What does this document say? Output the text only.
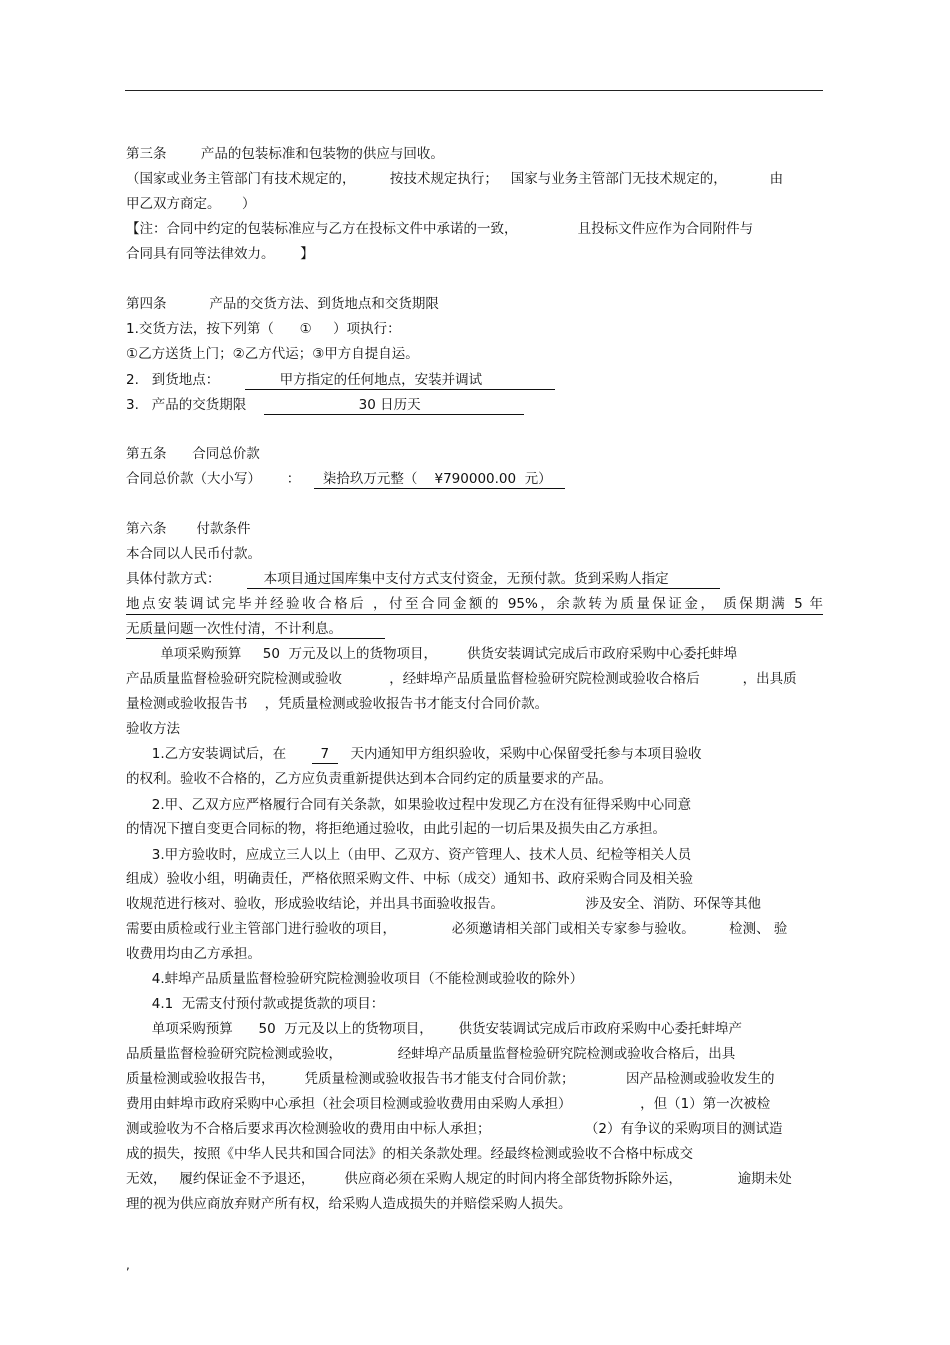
第三条        产品的包装标准和包装物的供应与回收。
（国家或业务主管部门有技术规定的，        按技术规定执行；   国家与业务主管部门无技术规定的，          由
甲乙双方商定。     ）
【注：合同中约定的包装标准应与乙方在投标文件中承诺的一致，              且投标文件应作为合同附件与
合同具有同等法律效力。      】
第四条          产品的交货方法、到货地点和交货期限
1.交货方法，按下列第（      ①     ）项执行：
①乙方送货上门；②乙方代运；③甲方自提自运。
2.   到货地点：        甲方指定的任何地点，安装并调试
3.   产品的交货期限                      30 日历天
第五条      合同总价款
合同总价款（大小写）      ：  柒拾玖万元整（    ¥790000.00  元）
第六条       付款条件
本合同以人民币付款。
具体付款方式：    本项目通过国库集中支付方式支付资金，无预付款。货到采购人指定
地点安装调试完毕并经验收合格后 ，付至合同金额的 95%，余款转为质量保证金， 质保期满 5 年
无质量问题一次性付清，不计利息。
单项采购预算     50  万元及以上的货物项目，       供货安装调试完成后市政府采购中心委托蚌埠
产品质量监督检验研究院检测或验收           ，经蚌埠产品质量监督检验研究院检测或验收合格后          ，出具质
量检测或验收报告书    ，凭质量检测或验收报告书才能支付合同价款。
验收方法
1.乙方安装调试后，在        7     天内通知甲方组织验收，采购中心保留受托参与本项目验收
的权利。验收不合格的，乙方应负责重新提供达到本合同约定的质量要求的产品。
2.甲、乙双方应严格履行合同有关条款，如果验收过程中发现乙方在没有征得采购中心同意
的情况下擅自变更合同标的物，将拒绝通过验收，由此引起的一切后果及损失由乙方承担。
3.甲方验收时，应成立三人以上（由甲、乙双方、资产管理人、技术人员、纪检等相关人员
组成）验收小组，明确责任，严格依照采购文件、中标（成交）通知书、政府采购合同及相关验
收规范进行核对、验收，形成验收结论，并出具书面验收报告。                   涉及安全、消防、环保等其他
需要由质检或行业主管部门进行验收的项目，             必须邀请相关部门或相关专家参与验收。        检测、 验
收费用均由乙方承担。
4.蚌埠产品质量监督检验研究院检测验收项目（不能检测或验收的除外）
4.1  无需支付预付款或提货款的项目：
单项采购预算      50  万元及以上的货物项目，      供货安装调试完成后市政府采购中心委托蚌埠产
品质量监督检验研究院检测或验收，             经蚌埠产品质量监督检验研究院检测或验收合格后，出具
质量检测或验收报告书，       凭质量检测或验收报告书才能支付合同价款；            因产品检测或验收发生的
费用由蚌埠市政府采购中心承担（社会项目检测或验收费用由采购人承担）                ，但（1）第一次被检
测或验收为不合格后要求再次检测验收的费用由中标人承担；                      （2）有争议的采购项目的测试造
成的损失，按照《中华人民共和国合同法》的相关条款处理。经最终检测或验收不合格中标成交
无效，   履约保证金不予退还，       供应商必须在采购人规定的时间内将全部货物拆除外运，             逾期未处
理的视为供应商放弃财产所有权，给采购人造成损失的并赔偿采购人损失。
,
